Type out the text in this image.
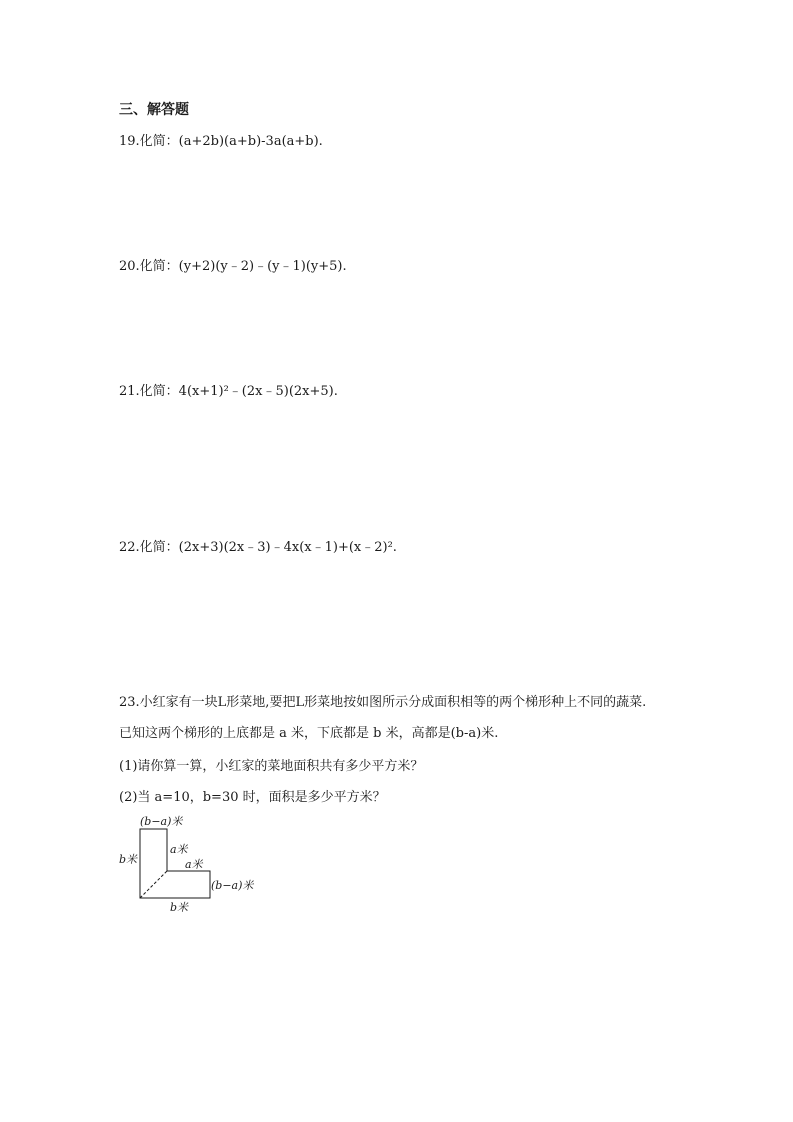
三、解答题
19.化简：(a+2b)(a+b)-3a(a+b).
20.化简：(y+2)(y﹣2)﹣(y﹣1)(y+5).
21.化简：4(x+1)²﹣(2x﹣5)(2x+5).
22.化简：(2x+3)(2x﹣3)﹣4x(x﹣1)+(x﹣2)².
23.小红家有一块L形菜地,要把L形菜地按如图所示分成面积相等的两个梯形种上不同的蔬菜.
已知这两个梯形的上底都是 a 米，下底都是 b 米，高都是(b-a)米.
(1)请你算一算，小红家的菜地面积共有多少平方米？
(2)当 a=10，b=30 时，面积是多少平方米？
(b−a)米
b米
a米
a米
(b−a)米
b米
